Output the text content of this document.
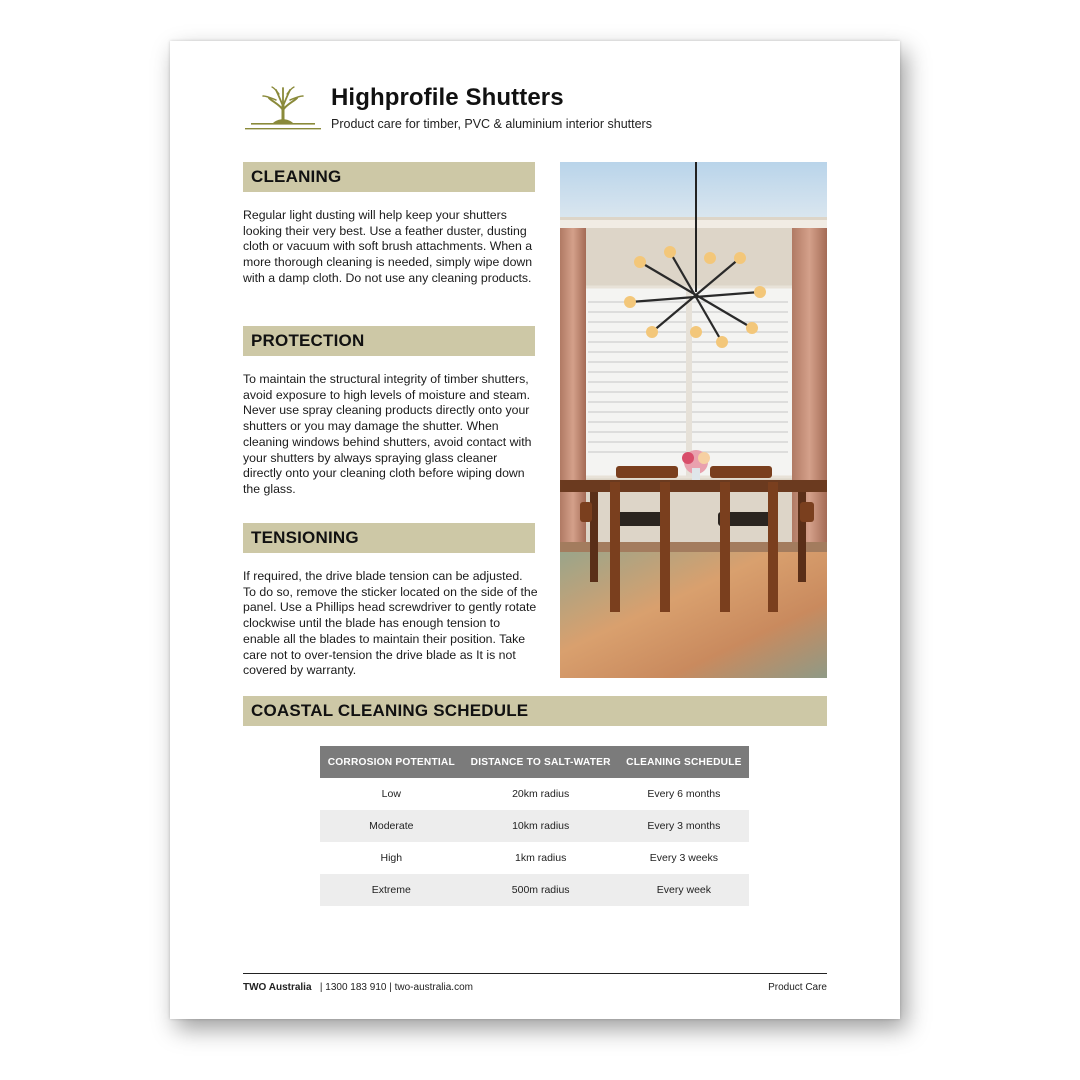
Highprofile Shutters

Product care for timber, PVC & aluminium interior shutters

CLEANING

Regular light dusting will help keep your shutters looking their very best. Use a feather duster, dusting cloth or vacuum with soft brush attachments. When a more thorough cleaning is needed, simply wipe down with a damp cloth. Do not use any cleaning products.

PROTECTION

To maintain the structural integrity of timber shutters, avoid exposure to high levels of moisture and steam. Never use spray cleaning products directly onto your shutters or you may damage the shutter. When cleaning windows behind shutters, avoid contact with your shutters by always spraying glass cleaner directly onto your cleaning cloth before wiping down the glass.

TENSIONING

If required, the drive blade tension can be adjusted. To do so, remove the sticker located on the side of the panel. Use a Phillips head screwdriver to gently rotate clockwise until the blade has enough tension to enable all the blades to maintain their position. Take care not to over-tension the drive blade as It is not covered by warranty.

COASTAL CLEANING SCHEDULE
CORROSION POTENTIAL	DISTANCE TO SALT-WATER	CLEANING SCHEDULE
Low	20km radius	Every 6 months
Moderate	10km radius	Every 3 months
High	1km radius	Every 3 weeks
Extreme	500m radius	Every week
TWO Australia | 1300 183 910 | two-australia.com	Product Care
